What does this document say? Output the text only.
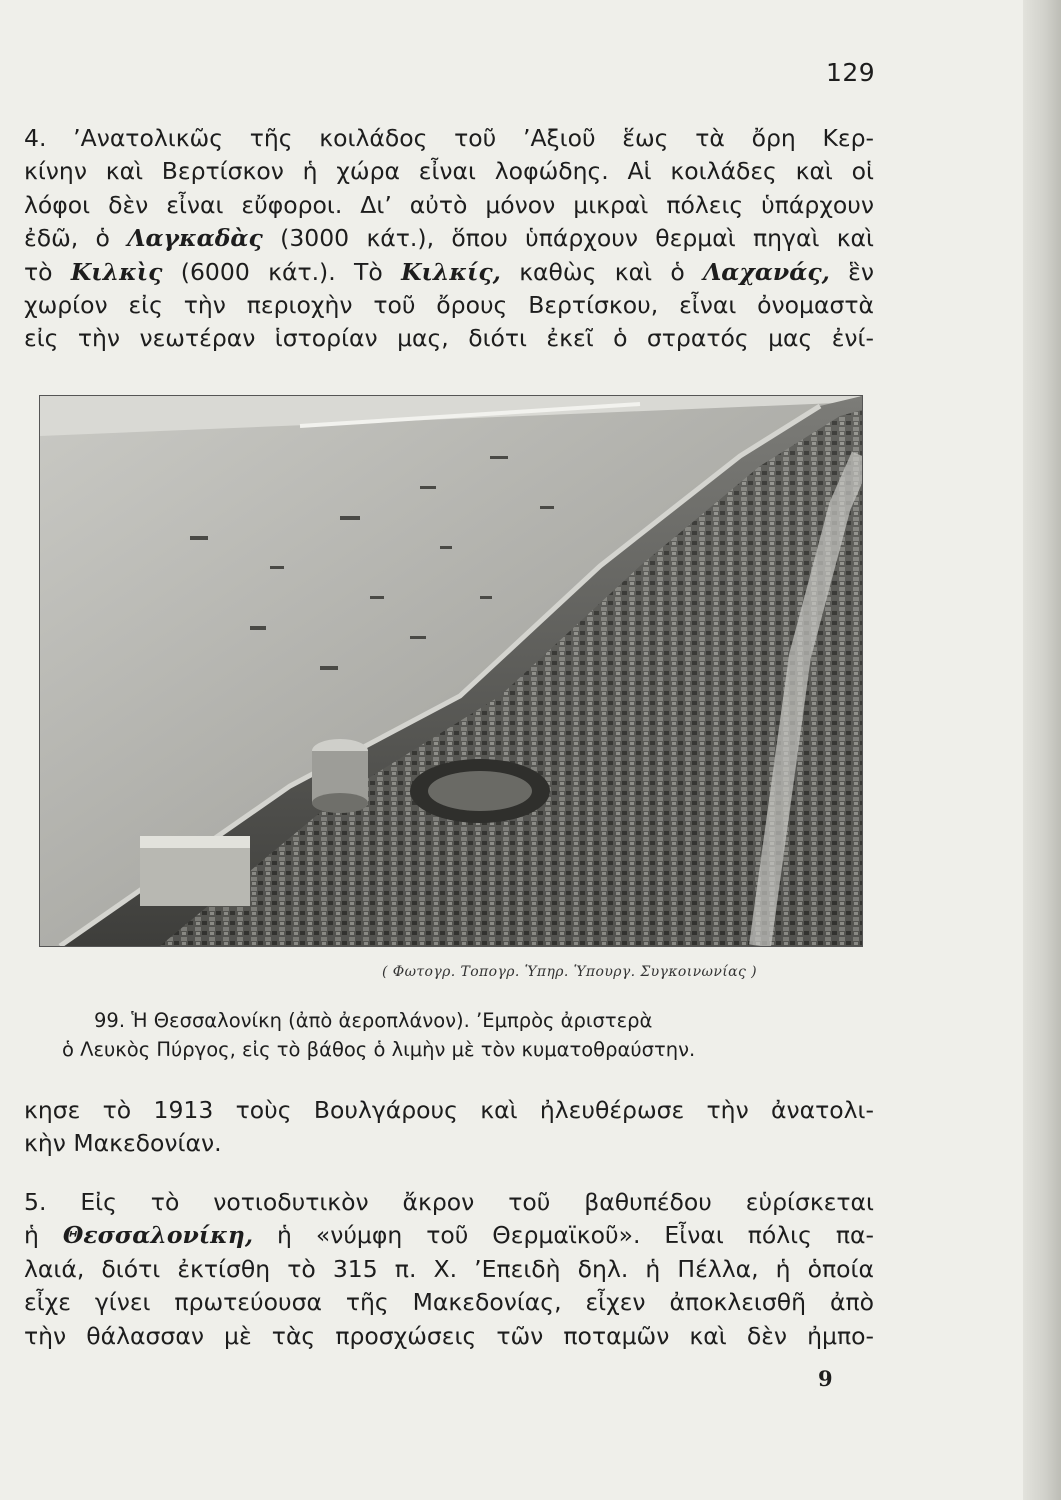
129
4. ’Ανατολικῶς τῆς κοιλάδος τοῦ ’Αξιοῦ ἕως τὰ ὄρη Κερ-
κίνην καὶ Βερτίσκον ἡ χώρα εἶναι λοφώδης. Αἱ κοιλάδες καὶ οἱ
λόφοι δὲν εἶναι εὔφοροι. Δι’ αὐτὸ μόνον μικραὶ πόλεις ὑπάρχουν
ἐδῶ, ὁ Λαγκαδὰς (3000 κάτ.), ὅπου ὑπάρχουν θερμαὶ πηγαὶ καὶ
τὸ Κιλκὶς (6000 κάτ.). Τὸ Κιλκίς, καθὼς καὶ ὁ Λαχανάς, ἓν
χωρίον εἰς τὴν περιοχὴν τοῦ ὄρους Βερτίσκου, εἶναι ὀνομαστὰ
εἰς τὴν νεωτέραν ἱστορίαν μας, διότι ἐκεῖ ὁ στρατός μας ἐνί-
( Φωτογρ. Τοπογρ. Ὑπηρ. Ὑπουργ. Συγκοινωνίας )
99. Ἡ Θεσσαλονίκη (ἀπὸ ἀεροπλάνον). ’Εμπρὸς ἀριστερὰ
ὁ Λευκὸς Πύργος, εἰς τὸ βάθος ὁ λιμὴν μὲ τὸν κυματοθραύστην.
κησε τὸ 1913 τοὺς Βουλγάρους καὶ ἠλευθέρωσε τὴν ἀνατολι-
κὴν Μακεδονίαν.
5. Εἰς τὸ νοτιοδυτικὸν ἄκρον τοῦ βαθυπέδου εὑρίσκεται
ἡ Θεσσαλονίκη, ἡ «νύμφη τοῦ Θερμαϊκοῦ». Εἶναι πόλις πα-
λαιά, διότι ἐκτίσθη τὸ 315 π. Χ. ’Επειδὴ δηλ. ἡ Πέλλα, ἡ ὁποία
εἶχε γίνει πρωτεύουσα τῆς Μακεδονίας, εἶχεν ἀποκλεισθῆ ἀπὸ
τὴν θάλασσαν μὲ τὰς προσχώσεις τῶν ποταμῶν καὶ δὲν ἠμπο-
9
